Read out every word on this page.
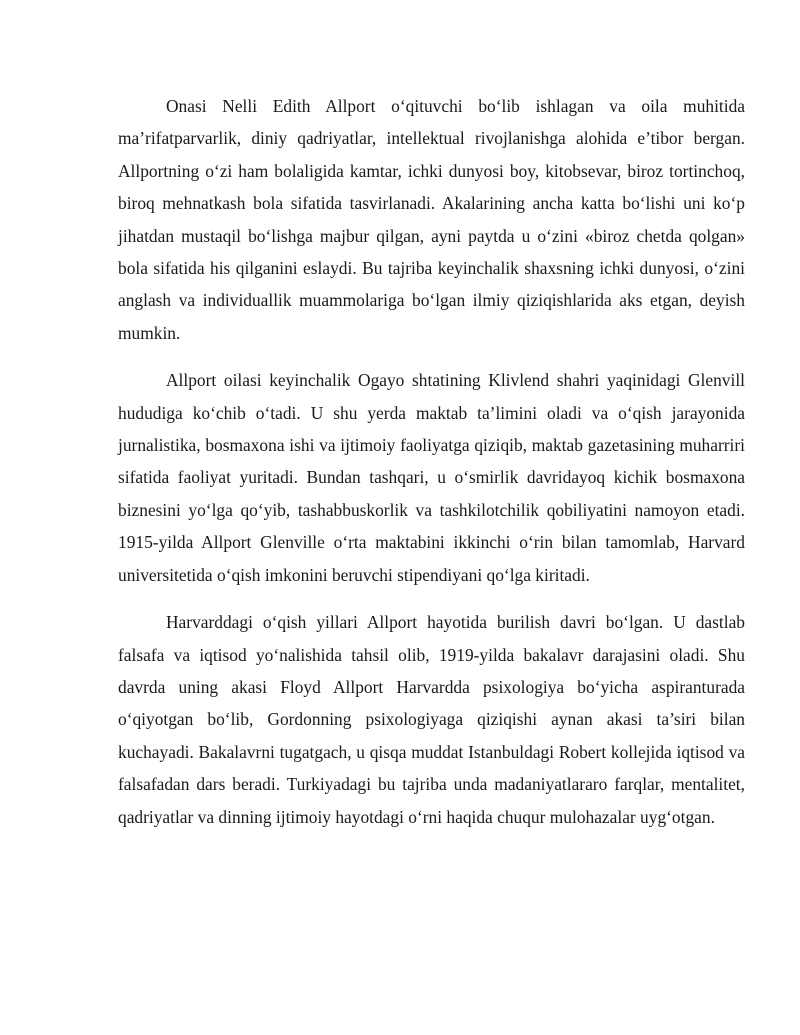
Onasi Nelli Edith Allport o‘qituvchi bo‘lib ishlagan va oila muhitida ma’rifatparvarlik, diniy qadriyatlar, intellektual rivojlanishga alohida e’tibor bergan. Allportning o‘zi ham bolaligida kamtar, ichki dunyosi boy, kitobsevar, biroz tortinchoq, biroq mehnatkash bola sifatida tasvirlanadi. Akalarining ancha katta bo‘lishi uni ko‘p jihatdan mustaqil bo‘lishga majbur qilgan, ayni paytda u o‘zini «biroz chetda qolgan» bola sifatida his qilganini eslaydi. Bu tajriba keyinchalik shaxsning ichki dunyosi, o‘zini anglash va individuallik muammolariga bo‘lgan ilmiy qiziqishlarida aks etgan, deyish mumkin.

Allport oilasi keyinchalik Ogayo shtatining Klivlend shahri yaqinidagi Glenvill hududiga ko‘chib o‘tadi. U shu yerda maktab ta’limini oladi va o‘qish jarayonida jurnalistika, bosmaxona ishi va ijtimoiy faoliyatga qiziqib, maktab gazetasining muharriri sifatida faoliyat yuritadi. Bundan tashqari, u o‘smirlik davridayoq kichik bosmaxona biznesini yo‘lga qo‘yib, tashabbuskorlik va tashkilotchilik qobiliyatini namoyon etadi. 1915-yilda Allport Glenville o‘rta maktabini ikkinchi o‘rin bilan tamomlab, Harvard universitetida o‘qish imkonini beruvchi stipendiyani qo‘lga kiritadi.

Harvarddagi o‘qish yillari Allport hayotida burilish davri bo‘lgan. U dastlab falsafa va iqtisod yo‘nalishida tahsil olib, 1919-yilda bakalavr darajasini oladi. Shu davrda uning akasi Floyd Allport Harvardda psixologiya bo‘yicha aspiranturada o‘qiyotgan bo‘lib, Gordonning psixologiyaga qiziqishi aynan akasi ta’siri bilan kuchayadi. Bakalavrni tugatgach, u qisqa muddat Istanbuldagi Robert kollejida iqtisod va falsafadan dars beradi. Turkiyadagi bu tajriba unda madaniyatlararo farqlar, mentalitet, qadriyatlar va dinning ijtimoiy hayotdagi o‘rni haqida chuqur mulohazalar uyg‘otgan.
